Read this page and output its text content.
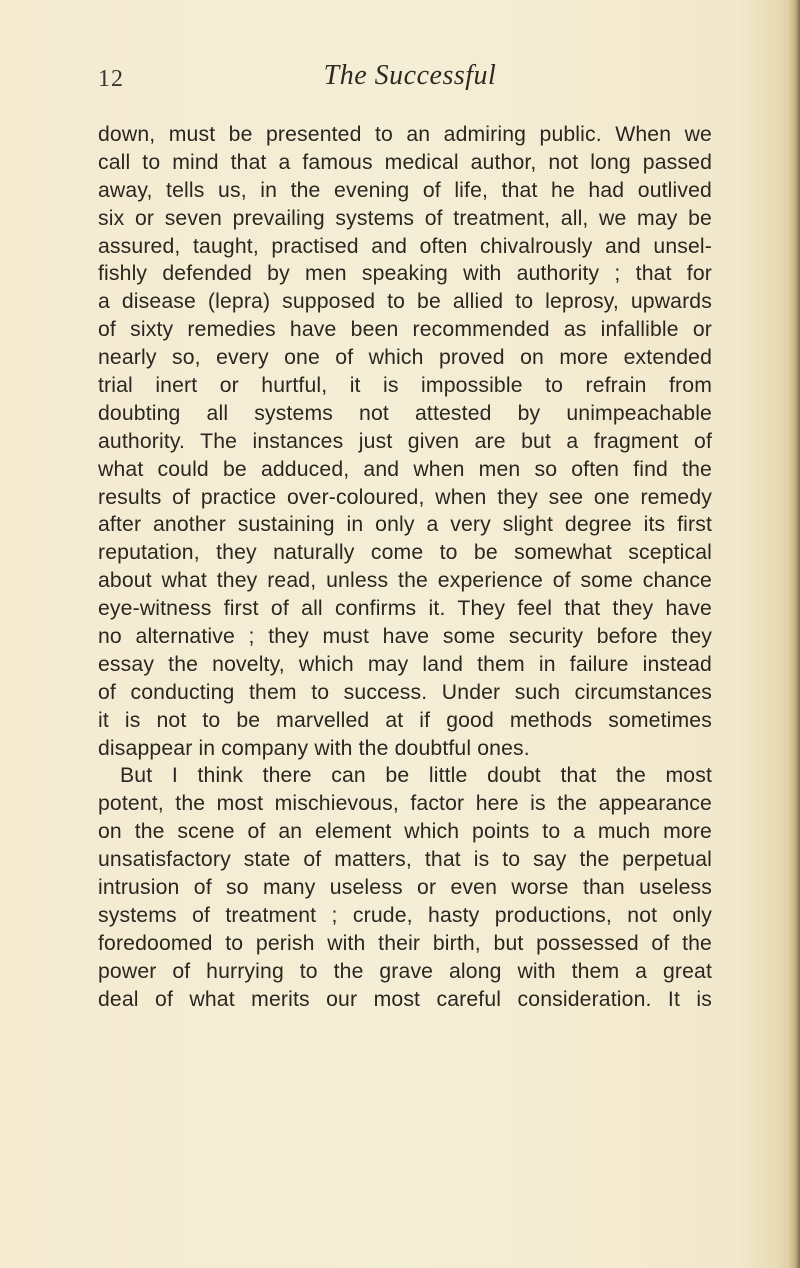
12	The Successful
down, must be presented to an admiring public. When we
call to mind that a famous medical author, not long passed
away, tells us, in the evening of life, that he had outlived
six or seven prevailing systems of treatment, all, we may be
assured, taught, practised and often chivalrously and unsel-
fishly defended by men speaking with authority ; that for
a disease (lepra) supposed to be allied to leprosy, upwards
of sixty remedies have been recommended as infallible or
nearly so, every one of which proved on more extended
trial inert or hurtful, it is impossible to refrain from
doubting all systems not attested by unimpeachable
authority. The instances just given are but a fragment of
what could be adduced, and when men so often find the
results of practice over-coloured, when they see one remedy
after another sustaining in only a very slight degree its first
reputation, they naturally come to be somewhat sceptical
about what they read, unless the experience of some chance
eye-witness first of all confirms it. They feel that they have
no alternative ; they must have some security before they
essay the novelty, which may land them in failure instead
of conducting them to success. Under such circumstances
it is not to be marvelled at if good methods sometimes
disappear in company with the doubtful ones.
But I think there can be little doubt that the most
potent, the most mischievous, factor here is the appearance
on the scene of an element which points to a much more
unsatisfactory state of matters, that is to say the perpetual
intrusion of so many useless or even worse than useless
systems of treatment ; crude, hasty productions, not only
foredoomed to perish with their birth, but possessed of the
power of hurrying to the grave along with them a great
deal of what merits our most careful consideration. It is
